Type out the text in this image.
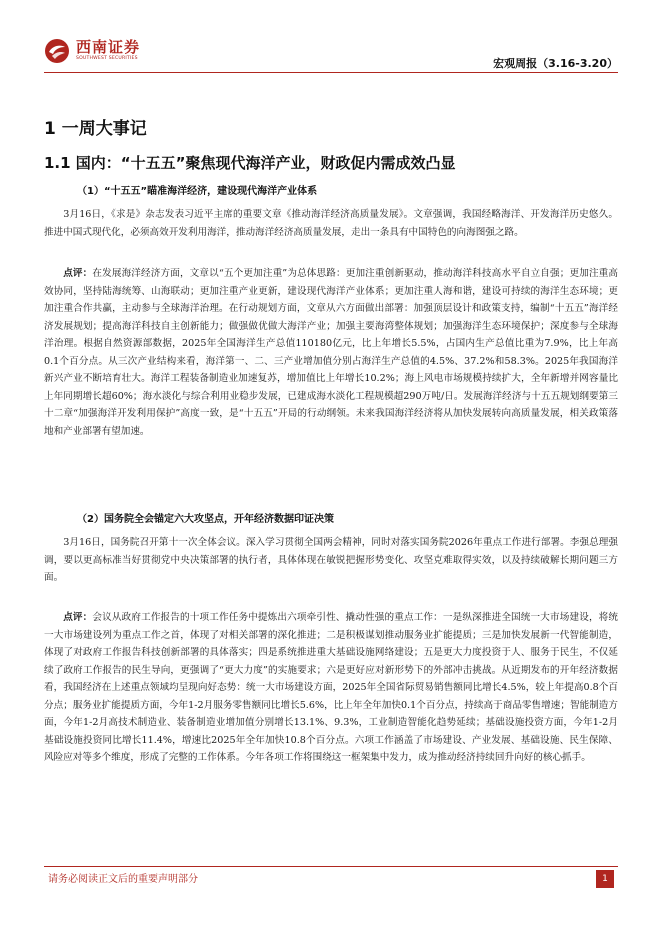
西南证券
SOUTHWEST SECURITIES	宏观周报（3.16-3.20）
1 一周大事记
1.1 国内：“十五五”聚焦现代海洋产业，财政促内需成效凸显
（1）“十五五”瞄准海洋经济，建设现代海洋产业体系

3月16日，《求是》杂志发表习近平主席的重要文章《推动海洋经济高质量发展》。文章强调，我国经略海洋、开发海洋历史悠久。推进中国式现代化，必须高效开发利用海洋，推动海洋经济高质量发展，走出一条具有中国特色的向海图强之路。

点评：在发展海洋经济方面，文章以“五个更加注重”为总体思路：更加注重创新驱动，推动海洋科技高水平自立自强；更加注重高效协同，坚持陆海统筹、山海联动；更加注重产业更新，建设现代海洋产业体系；更加注重人海和谐，建设可持续的海洋生态环境；更加注重合作共赢，主动参与全球海洋治理。在行动规划方面，文章从六方面做出部署：加强顶层设计和政策支持，编制“十五五”海洋经济发展规划；提高海洋科技自主创新能力；做强做优做大海洋产业；加强主要海湾整体规划；加强海洋生态环境保护；深度参与全球海洋治理。根据自然资源部数据，2025年全国海洋生产总值110180亿元，比上年增长5.5%，占国内生产总值比重为7.9%，比上年高0.1个百分点。从三次产业结构来看，海洋第一、二、三产业增加值分别占海洋生产总值的4.5%、37.2%和58.3%。2025年我国海洋新兴产业不断培育壮大。海洋工程装备制造业加速复苏，增加值比上年增长10.2%；海上风电市场规模持续扩大，全年新增并网容量比上年同期增长超60%；海水淡化与综合利用业稳步发展，已建成海水淡化工程规模超290万吨/日。发展海洋经济与十五五规划纲要第三十二章“加强海洋开发利用保护”高度一致，是“十五五”开局的行动纲领。未来我国海洋经济将从加快发展转向高质量发展，相关政策落地和产业部署有望加速。

（2）国务院全会锚定六大攻坚点，开年经济数据印证决策

3月16日，国务院召开第十一次全体会议。深入学习贯彻全国两会精神，同时对落实国务院2026年重点工作进行部署。李强总理强调，要以更高标准当好贯彻党中央决策部署的执行者，具体体现在敏锐把握形势变化、攻坚克难取得实效，以及持续破解长期问题三方面。

点评：会议从政府工作报告的十项工作任务中提炼出六项牵引性、撬动性强的重点工作：一是纵深推进全国统一大市场建设，将统一大市场建设列为重点工作之首，体现了对相关部署的深化推进；二是积极谋划推动服务业扩能提质；三是加快发展新一代智能制造，体现了对政府工作报告科技创新部署的具体落实；四是系统推进重大基础设施网络建设；五是更大力度投资于人、服务于民生，不仅延续了政府工作报告的民生导向，更强调了“更大力度”的实施要求；六是更好应对新形势下的外部冲击挑战。从近期发布的开年经济数据看，我国经济在上述重点领域均呈现向好态势：统一大市场建设方面，2025年全国省际贸易销售额同比增长4.5%，较上年提高0.8个百分点；服务业扩能提质方面，今年1-2月服务零售额同比增长5.6%，比上年全年加快0.1个百分点，持续高于商品零售增速；智能制造方面，今年1-2月高技术制造业、装备制造业增加值分别增长13.1%、9.3%，工业制造智能化趋势延续；基础设施投资方面，今年1-2月基础设施投资同比增长11.4%，增速比2025年全年加快10.8个百分点。六项工作涵盖了市场建设、产业发展、基础设施、民生保障、风险应对等多个维度，形成了完整的工作体系。今年各项工作将围绕这一框架集中发力，成为推动经济持续回升向好的核心抓手。

请务必阅读正文后的重要声明部分	1
